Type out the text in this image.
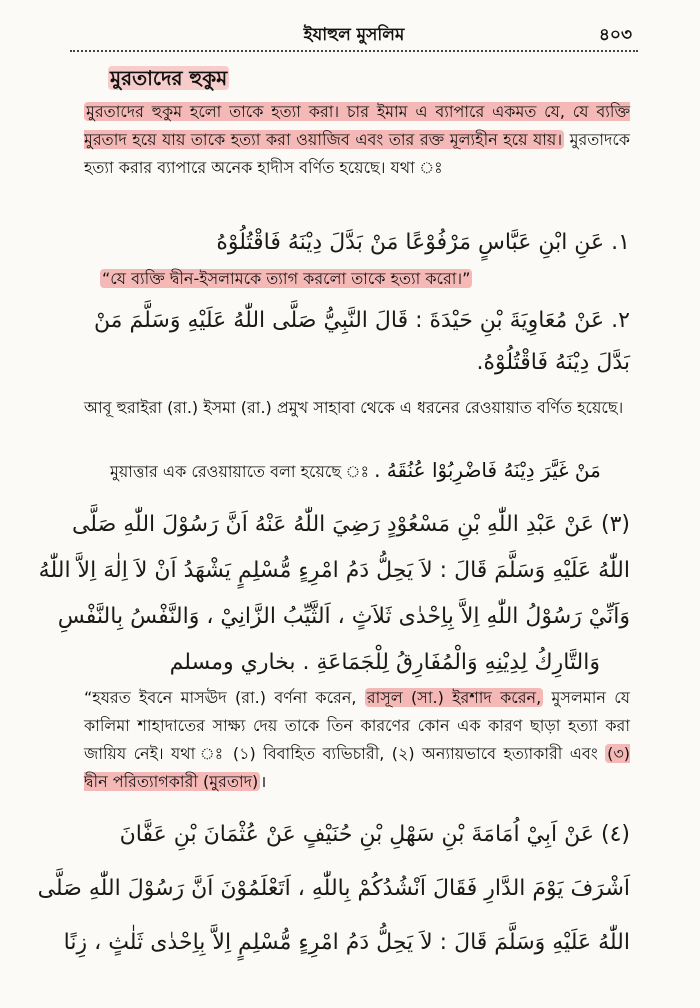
ইযাহুল মুসলিম	৪০৩
মুরতাদের হুকুম
মুরতাদের হুকুম হলো তাকে হত্যা করা। চার ইমাম এ ব্যাপারে একমত যে, যে ব্যক্তি মুরতাদ হয়ে যায় তাকে হত্যা করা ওয়াজিব এবং তার রক্ত মূল্যহীন হয়ে যায়। মুরতাদকে হত্যা করার ব্যাপারে অনেক হাদীস বর্ণিত হয়েছে। যথা ঃ
١. عَنِ ابْنِ عَبَّاسٍ مَرْفُوْعًا مَنْ بَدَّلَ دِيْنَهُ فَاقْتُلُوْهُ
“যে ব্যক্তি দ্বীন-ইসলামকে ত্যাগ করলো তাকে হত্যা করো।”
٢. عَنْ مُعَاوِيَةَ بْنِ حَيْدَةَ : قَالَ النَّبِيُّ صَلَّى اللّٰهُ عَلَيْهِ وَسَلَّمَ مَنْ
بَدَّلَ دِيْنَهُ فَاقْتُلُوْهُ.
আবূ হুরাইরা (রা.) ইসমা (রা.) প্রমুখ সাহাবা থেকে এ ধরনের রেওয়ায়াত বর্ণিত হয়েছে।
মুয়াত্তার এক রেওয়ায়াতে বলা হয়েছে ঃ مَنْ غَيَّرَ دِيْنَهُ فَاضْرِبُوْا عُنُقَهُ .
(٣) عَنْ عَبْدِ اللّٰهِ بْنِ مَسْعُوْدٍ رَضِيَ اللّٰهُ عَنْهُ اَنَّ رَسُوْلَ اللّٰهِ صَلَّى
اللّٰهُ عَلَيْهِ وَسَلَّمَ قَالَ : لاَ يَحِلُّ دَمُ امْرِءٍ مُّسْلِمٍ يَشْهَدُ اَنْ لاَ اِلٰهَ اِلاَّ اللّٰهُ
وَاَنِّيْ رَسُوْلُ اللّٰهِ اِلاَّ بِاِحْدٰى ثَلاَثٍ ، اَلثَّيِّبُ الزَّانِيْ ، وَالنَّفْسُ بِالنَّفْسِ
وَالتَّارِكُ لِدِيْنِهِ وَالْمُفَارِقُ لِلْجَمَاعَةِ . بخاري ومسلم
“হযরত ইবনে মাসঊদ (রা.) বর্ণনা করেন, রাসূল (সা.) ইরশাদ করেন, মুসলমান যে কালিমা শাহাদাতের সাক্ষ্য দেয় তাকে তিন কারণের কোন এক কারণ ছাড়া হত্যা করা জায়িয নেই। যথা ঃ (১) বিবাহিত ব্যভিচারী, (২) অন্যায়ভাবে হত্যাকারী এবং (৩) দ্বীন পরিত্যাগকারী (মুরতাদ) ।
(٤) عَنْ اَبِيْ اُمَامَةَ بْنِ سَهْلِ بْنِ حُنَيْفٍ عَنْ عُثْمَانَ بْنِ عَفَّانَ
اَشْرَفَ يَوْمَ الدَّارِ فَقَالَ اَنْشُدُكُمْ بِاللّٰهِ ، اَتَعْلَمُوْنَ اَنَّ رَسُوْلَ اللّٰهِ صَلَّى
اللّٰهُ عَلَيْهِ وَسَلَّمَ قَالَ : لاَ يَحِلُّ دَمُ امْرِءٍ مُّسْلِمٍ اِلاَّ بِاِحْدٰى ثَلٰثٍ ، زِنًا
